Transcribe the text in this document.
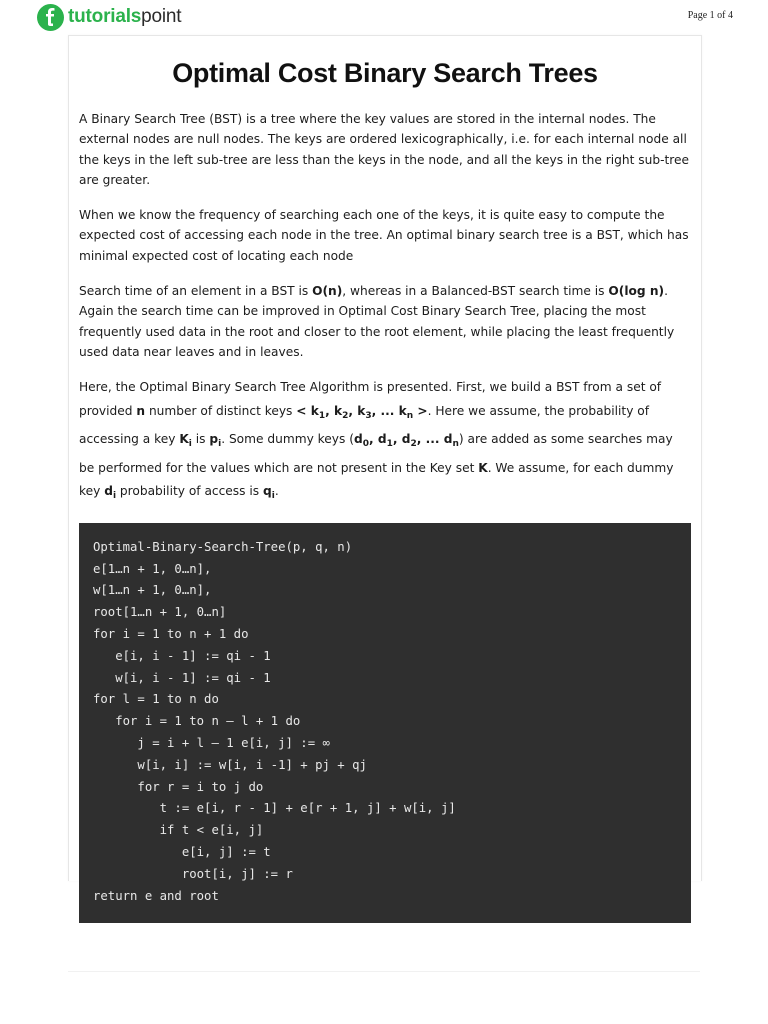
tutorialspoint	Page 1 of 4
Optimal Cost Binary Search Trees

A Binary Search Tree (BST) is a tree where the key values are stored in the internal nodes. The external nodes are null nodes. The keys are ordered lexicographically, i.e. for each internal node all the keys in the left sub-tree are less than the keys in the node, and all the keys in the right sub-tree are greater.

When we know the frequency of searching each one of the keys, it is quite easy to compute the expected cost of accessing each node in the tree. An optimal binary search tree is a BST, which has minimal expected cost of locating each node

Search time of an element in a BST is O(n), whereas in a Balanced-BST search time is O(log n). Again the search time can be improved in Optimal Cost Binary Search Tree, placing the most frequently used data in the root and closer to the root element, while placing the least frequently used data near leaves and in leaves.

Here, the Optimal Binary Search Tree Algorithm is presented. First, we build a BST from a set of provided n number of distinct keys < $k_1$, $k_2$, $k_3$, ... $k_n$ >. Here we assume, the probability of accessing a key $K_i$ is $p_i$. Some dummy keys ($d_0$, $d_1$, $d_2$, ... $d_n$) are added as some searches may be performed for the values which are not present in the Key set K. We assume, for each dummy key $d_i$ probability of access is $q_i$.

Optimal-Binary-Search-Tree(p, q, n)
e[1…n + 1, 0…n],
w[1…n + 1, 0…n],
root[1…n + 1, 0…n]
for i = 1 to n + 1 do
e[i, i - 1] := qi - 1
w[i, i - 1] := qi - 1
for l = 1 to n do
for i = 1 to n – l + 1 do
j = i + l – 1 e[i, j] := ∞
w[i, i] := w[i, i -1] + pj + qj
for r = i to j do
t := e[i, r - 1] + e[r + 1, j] + w[i, j]
if t < e[i, j]
e[i, j] := t
root[i, j] := r
return e and root
